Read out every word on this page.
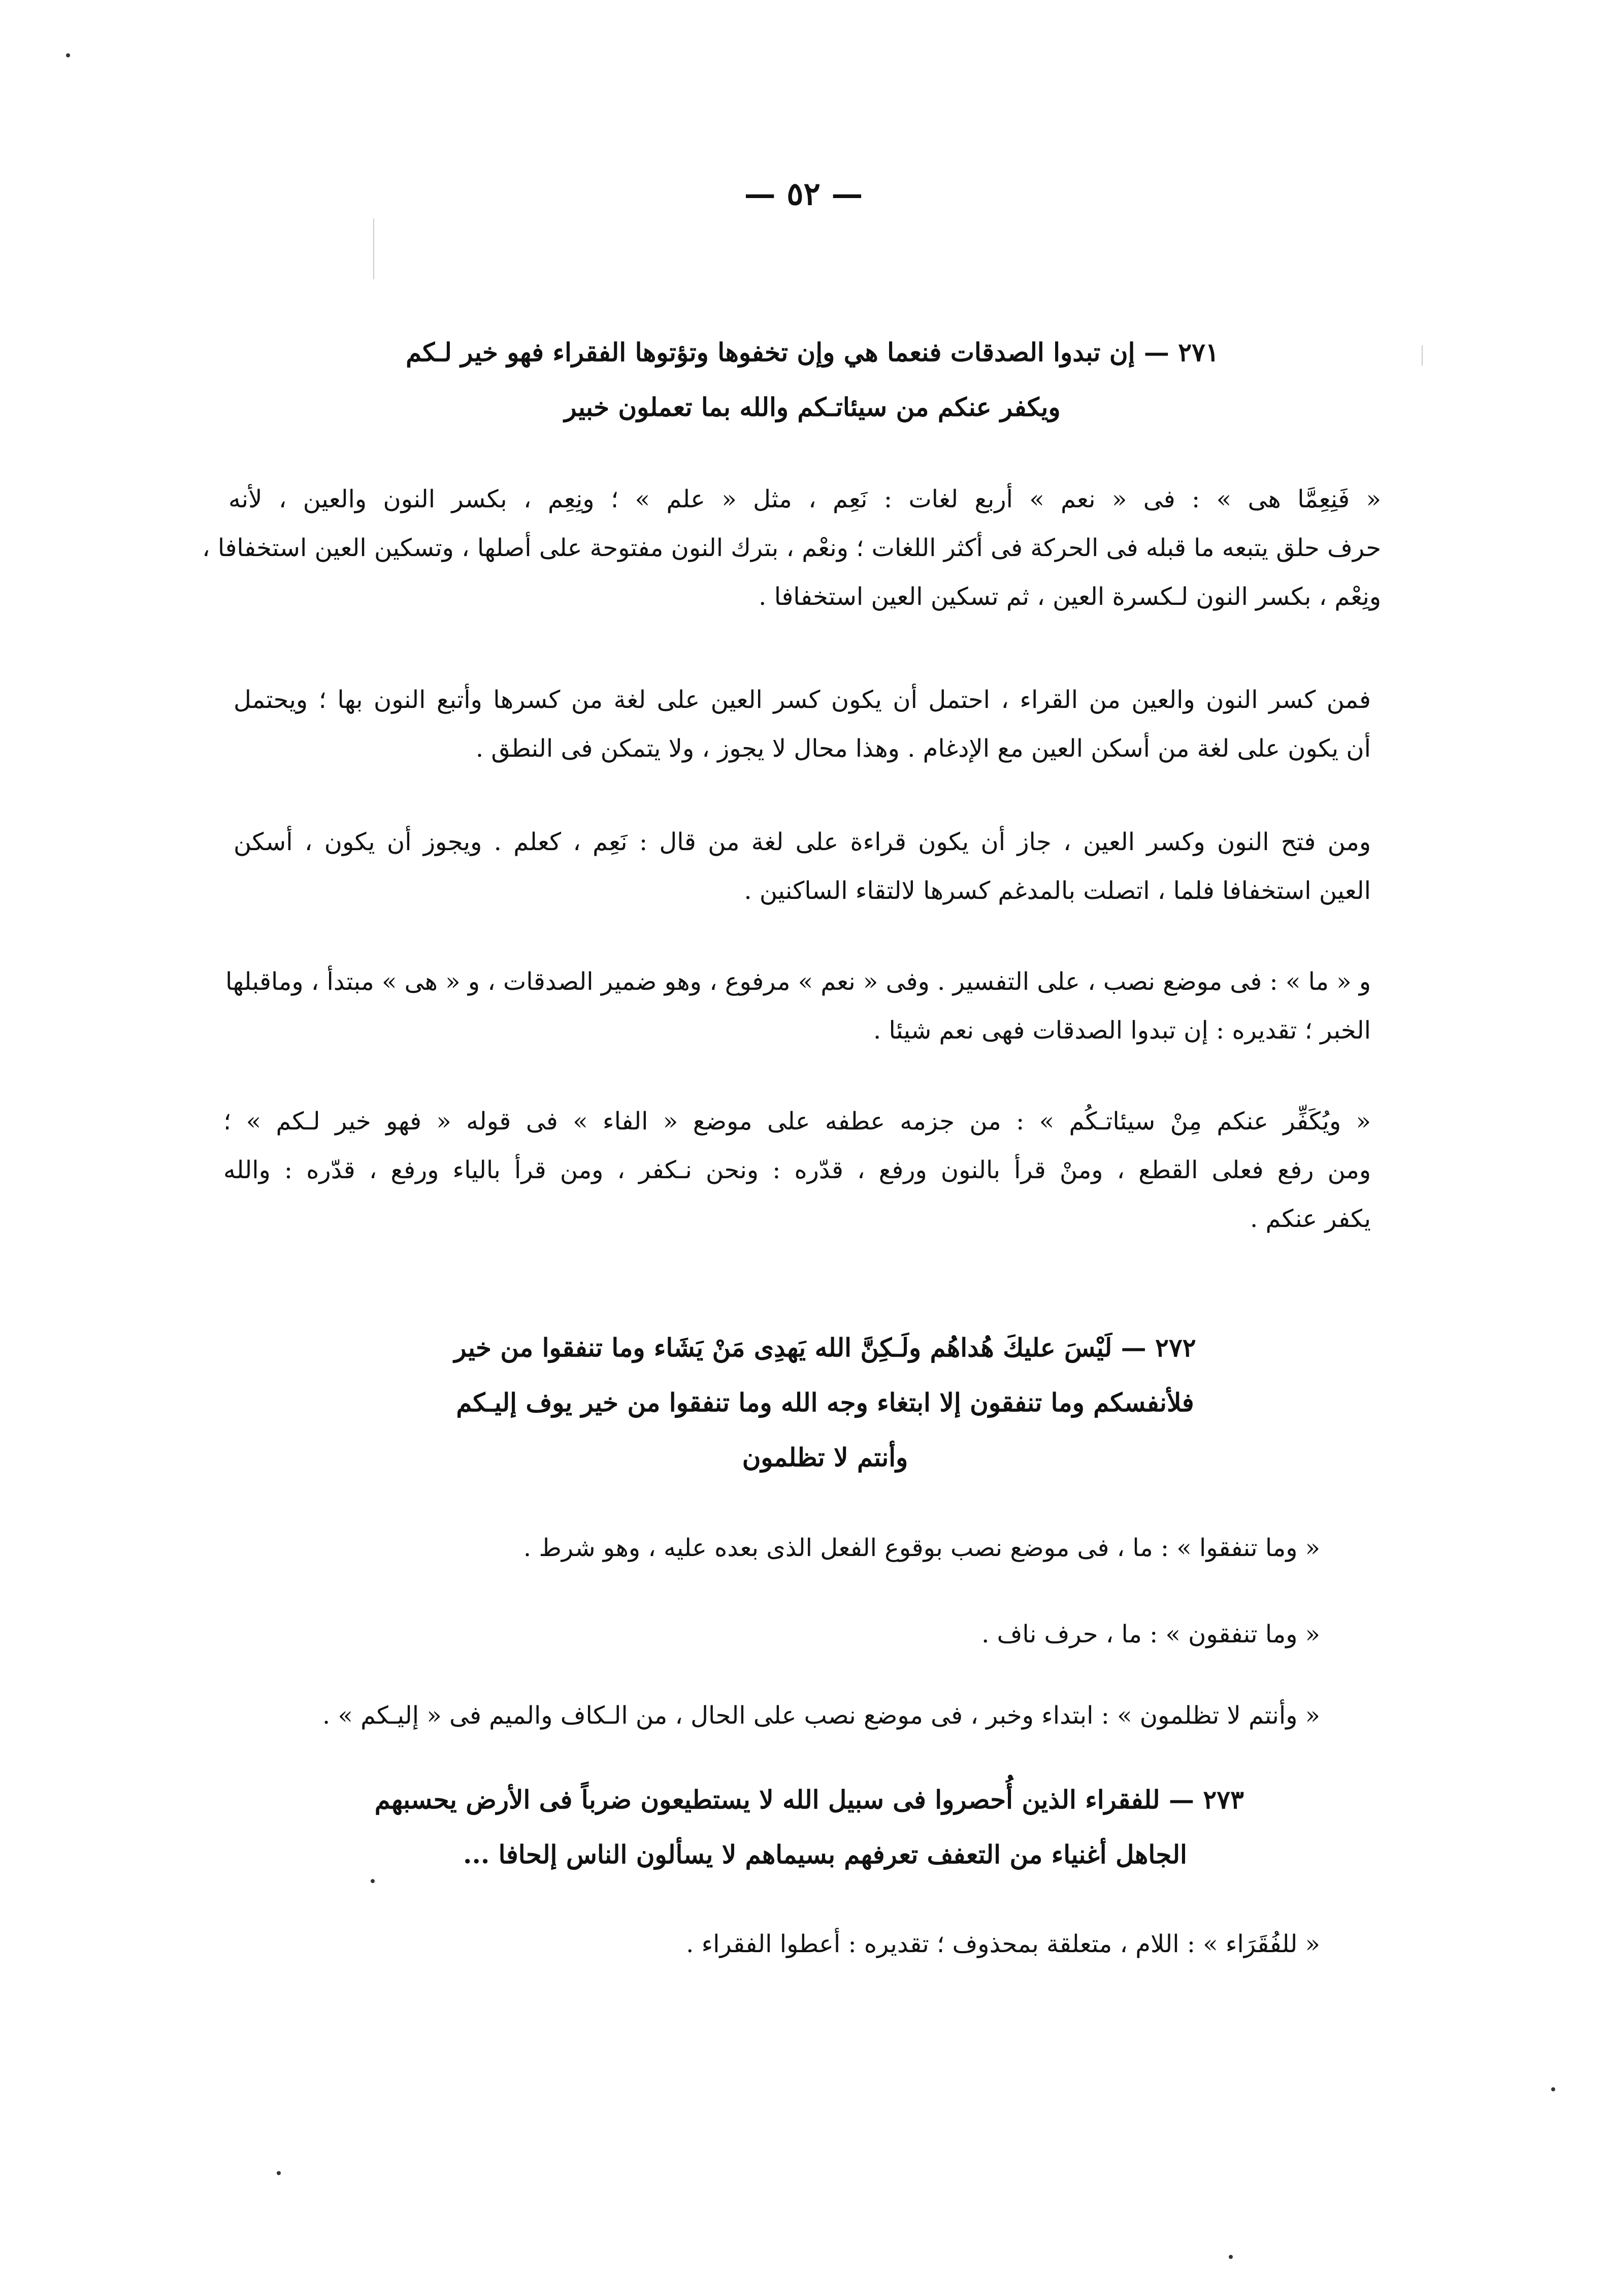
— ٥٢ —
٢٧١ — إن تبدوا الصدقات فنعما هي وإن تخفوها وتؤتوها الفقراء فهو خير لـكم
ويكفر عنكم من سيئاتـكم والله بما تعملون خبير
« فَنِعِمَّا هى » : فى « نعم » أربع لغات : نَعِم ، مثل « علم » ؛ ونِعِم ، بكسر النون والعين ، لأنه
حرف حلق يتبعه ما قبله فى الحركة فى أكثر اللغات ؛ ونعْم ، بترك النون مفتوحة على أصلها ، وتسكين العين استخفافا ،
ونِعْم ، بكسر النون لـكسرة العين ، ثم تسكين العين استخفافا .
فمن كسر النون والعين من القراء ، احتمل أن يكون كسر العين على لغة من كسرها وأتبع النون بها ؛ ويحتمل
أن يكون على لغة من أسكن العين مع الإدغام . وهذا محال لا يجوز ، ولا يتمكن فى النطق .
ومن فتح النون وكسر العين ، جاز أن يكون قراءة على لغة من قال : نَعِم ، كعلم . ويجوز أن يكون ، أسكن
العين استخفافا فلما ، اتصلت بالمدغم كسرها لالتقاء الساكنين .
و « ما » : فى موضع نصب ، على التفسير . وفى « نعم » مرفوع ، وهو ضمير الصدقات ، و « هى » مبتدأ ، وماقبلها
الخبر ؛ تقديره : إن تبدوا الصدقات فهى نعم شيئا .
« ويُكَفِّر عنكم مِنْ سيئاتـكُم » : من جزمه عطفه على موضع « الفاء » فى قوله « فهو خير لـكم » ؛
ومن رفع فعلى القطع ، ومنْ قرأ بالنون ورفع ، قدّره : ونحن نـكفر ، ومن قرأ بالياء ورفع ، قدّره : والله
يكفر عنكم .
٢٧٢ — لَيْسَ عليكَ هُداهُم ولَـكِنَّ الله يَهدِى مَنْ يَشَاء وما تنفقوا من خير
فلأنفسكم وما تنفقون إلا ابتغاء وجه الله وما تنفقوا من خير يوف إليـكم
وأنتم لا تظلمون
« وما تنفقوا » : ما ، فى موضع نصب بوقوع الفعل الذى بعده عليه ، وهو شرط .
« وما تنفقون » : ما ، حرف ناف .
« وأنتم لا تظلمون » : ابتداء وخبر ، فى موضع نصب على الحال ، من الـكاف والميم فى « إليـكم » .
٢٧٣ — للفقراء الذين أُحصروا فى سبيل الله لا يستطيعون ضرباً فى الأرض يحسبهم
الجاهل أغنياء من التعفف تعرفهم بسيماهم لا يسألون الناس إلحافا ...
« للفُقَرَاء » : اللام ، متعلقة بمحذوف ؛ تقديره : أعطوا الفقراء .
